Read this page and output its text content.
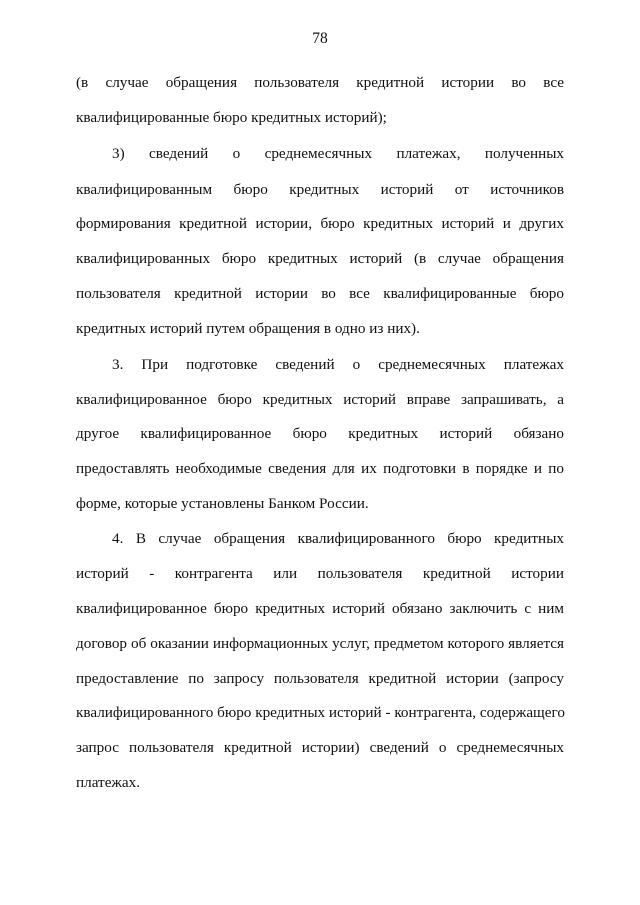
78
(в случае обращения пользователя кредитной истории во все
квалифицированные бюро кредитных историй);
3) сведений о среднемесячных платежах, полученных
квалифицированным бюро кредитных историй от источников
формирования кредитной истории, бюро кредитных историй и других
квалифицированных бюро кредитных историй (в случае обращения
пользователя кредитной истории во все квалифицированные бюро
кредитных историй путем обращения в одно из них).
3. При подготовке сведений о среднемесячных платежах
квалифицированное бюро кредитных историй вправе запрашивать, а
другое квалифицированное бюро кредитных историй обязано
предоставлять необходимые сведения для их подготовки в порядке и по
форме, которые установлены Банком России.
4. В случае обращения квалифицированного бюро кредитных
историй - контрагента или пользователя кредитной истории
квалифицированное бюро кредитных историй обязано заключить с ним
договор об оказании информационных услуг, предметом которого является
предоставление по запросу пользователя кредитной истории (запросу
квалифицированного бюро кредитных историй - контрагента, содержащего
запрос пользователя кредитной истории) сведений о среднемесячных
платежах.
